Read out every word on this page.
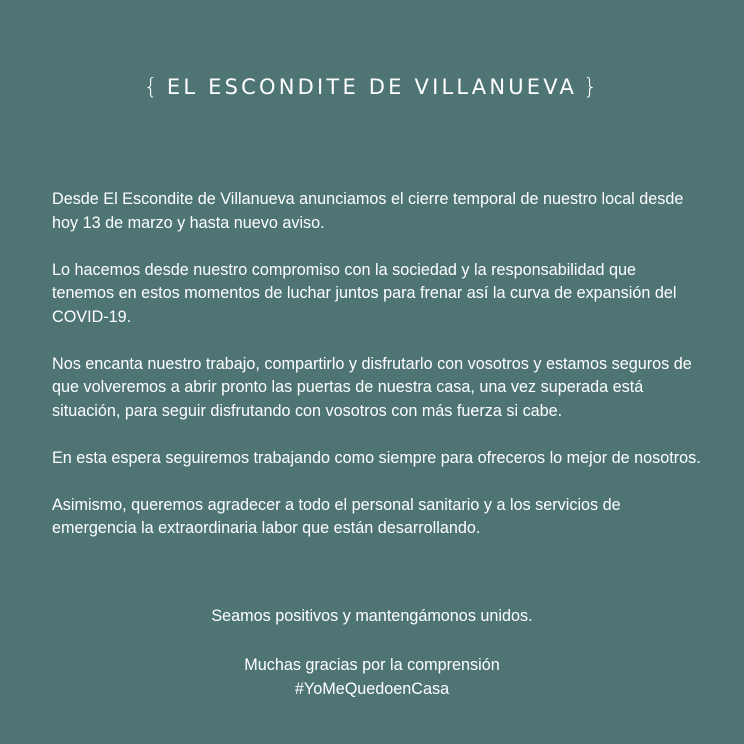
{ EL ESCONDITE DE VILLANUEVA }

Desde El Escondite de Villanueva anunciamos el cierre temporal de nuestro local desde hoy 13 de marzo y hasta nuevo aviso.

Lo hacemos desde nuestro compromiso con la sociedad y la responsabilidad que tenemos en estos momentos de luchar juntos para frenar así la curva de expansión del COVID-19.

Nos encanta nuestro trabajo, compartirlo y disfrutarlo con vosotros y estamos seguros de que volveremos a abrir pronto las puertas de nuestra casa, una vez superada está situación, para seguir disfrutando con vosotros con más fuerza si cabe.

En esta espera seguiremos trabajando como siempre para ofreceros lo mejor de nosotros.

Asimismo, queremos agradecer a todo el personal sanitario y a los servicios de emergencia la extraordinaria labor que están desarrollando.

Seamos positivos y mantengámonos unidos.

Muchas gracias por la comprensión

#YoMeQuedoenCasa
